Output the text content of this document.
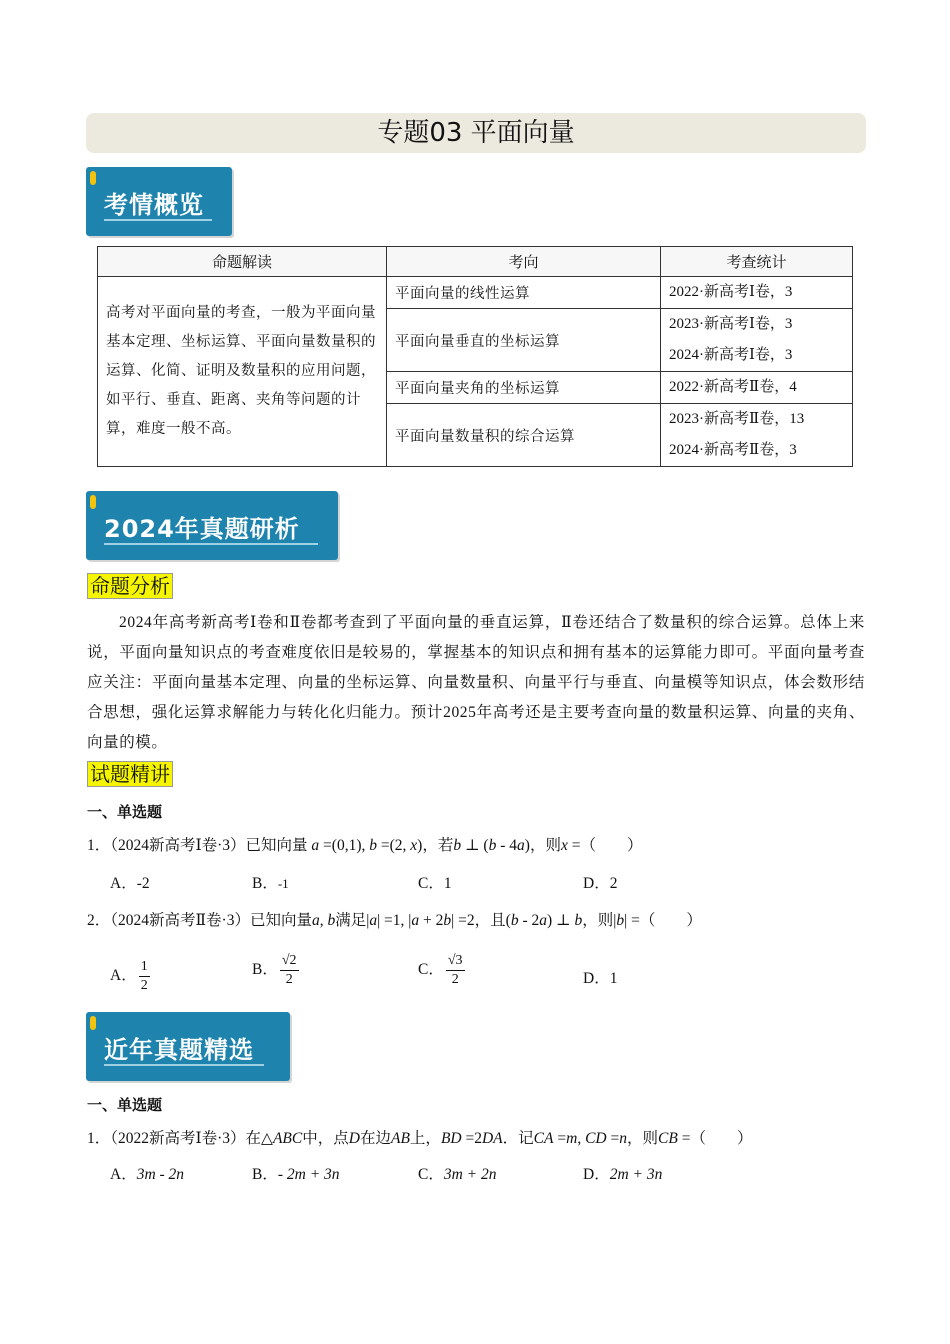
专题03 平面向量
考情概览
命题解读	考向	考查统计
高考对平面向量的考查，一般为平面向量基本定理、坐标运算、平面向量数量积的运算、化简、证明及数量积的应用问题，如平行、垂直、距离、夹角等问题的计算，难度一般不高。	平面向量的线性运算	2022·新高考Ⅰ卷，3
	平面向量垂直的坐标运算	2023·新高考Ⅰ卷，3
		2024·新高考Ⅰ卷，3
	平面向量夹角的坐标运算	2022·新高考Ⅱ卷，4
	平面向量数量积的综合运算	2023·新高考Ⅱ卷，13
		2024·新高考Ⅱ卷，3
2024年真题研析
命题分析
2024年高考新高考Ⅰ卷和Ⅱ卷都考查到了平面向量的垂直运算，Ⅱ卷还结合了数量积的综合运算。总体上来说，平面向量知识点的考查难度依旧是较易的，掌握基本的知识点和拥有基本的运算能力即可。平面向量考查应关注：平面向量基本定理、向量的坐标运算、向量数量积、向量平行与垂直、向量模等知识点，体会数形结合思想，强化运算求解能力与转化化归能力。预计2025年高考还是主要考查向量的数量积运算、向量的夹角、向量的模。
试题精讲
一、单选题
1．（2024新高考Ⅰ卷·3）已知向量 a =(0,1), b =(2, x)，若b ⊥ (b - 4a)，则x =（　　）
A．-2	B．-1	C．1	D．2
2．（2024新高考Ⅱ卷·3）已知向量a, b满足|a| =1, |a + 2b| =2，且(b - 2a) ⊥ b，则|b| =（　　）
A． $\frac{1}{2}$	B． $\frac{√2}{2}$	C． $\frac{√3}{2}$	D．1
近年真题精选
一、单选题
1．（2022新高考Ⅰ卷·3）在△ABC中，点D在边AB上，BD =2DA．记CA =m, CD =n，则CB =（　　）
A．3m - 2n	B．- 2m + 3n	C．3m + 2n	D．2m + 3n
